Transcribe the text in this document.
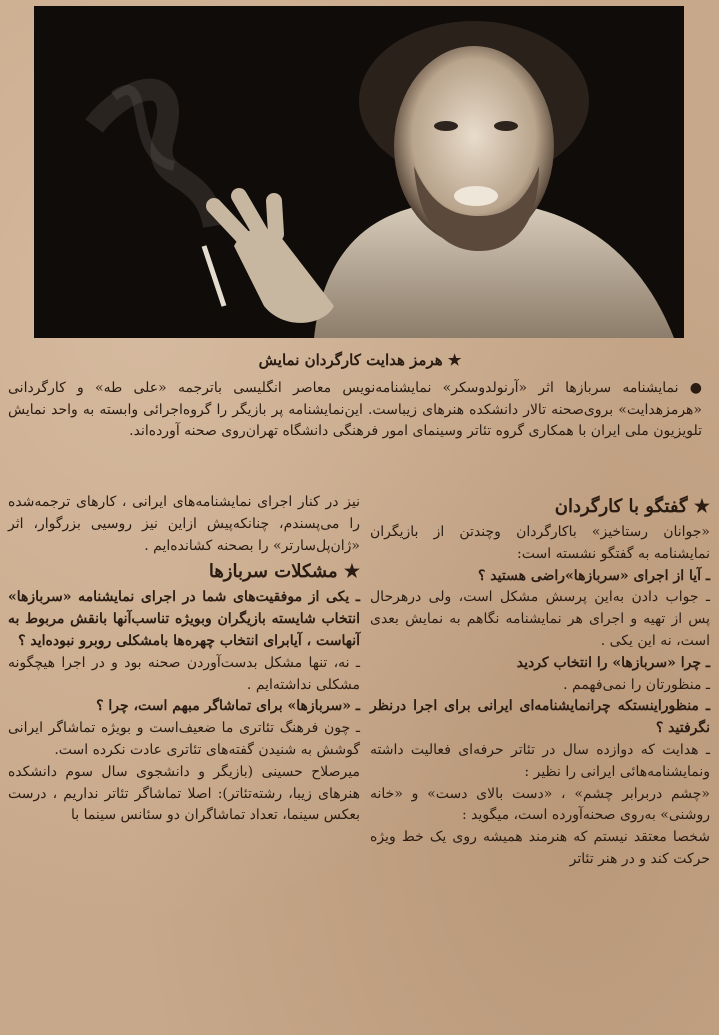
★ هرمز هدایت کارگردان نمایش

● نمایشنامه سربازها اثر «آرنولدوسکر» نمایشنامه‌نویس معاصر انگلیسی باترجمه «علی طه» و کارگردانی «هرمزهدایت» بروی‌صحنه تالار دانشکده هنرهای زیباست. این‌نمایشنامه پر بازیگر را گروه‌اجرائی وابسته به واحد نمایش تلویزیون ملی ایران با همکاری گروه تئاتر وسینمای امور فرهنگی دانشگاه تهران‌روی صحنه آورده‌اند.

★ گفتگو با کارگردان

«جوانان رستاخیز» باکارگردان وچندتن از بازیگران نمایشنامه به گفتگو نشسته است:

ـ آیا از اجرای «سربازها»راضی هستید ؟

ـ جواب دادن به‌این پرسش مشکل است، ولی درهرحال پس از تهیه و اجرای هر نمایشنامه نگاهم به نمایش بعدی است، نه این یکی .

ـ چرا «سربازها» را انتخاب کردید

ـ منظورتان را نمی‌فهمم .

ـ منظوراینستکه چرانمایشنامه‌ای ایرانی برای اجرا درنظر نگرفتید ؟

ـ هدایت که دوازده سال در تئاتر حرفه‌ای فعالیت داشته ونمایشنامه‌هائی ایرانی را نظیر :

«چشم دربرابر چشم» ، «دست بالای دست» و «خانه روشنی» به‌روی صحنه‌آورده است، میگوید :

شخصا معتقد نیستم که هنرمند همیشه روی یک خط ویژه حرکت کند و در هنر تئاتر

نیز در کنار اجرای نمایشنامه‌های ایرانی ، کارهای ترجمه‌شده را می‌پسندم، چنانکه‌پیش ازاین نیز روسیی بزرگوار، اثر «ژان‌پل‌سارتر» را بصحنه کشانده‌ایم .

★ مشکلات سربازها

ـ یکی از موفقیت‌های شما در اجرای نمایشنامه «سربازها» انتخاب شایسته بازیگران وبویژه تناسب‌آنها بانقش مربوط به آنهاست ، آیابرای انتخاب چهره‌ها بامشکلی روبرو نبوده‌اید ؟

ـ نه، تنها مشکل بدست‌آوردن صحنه بود و در اجرا هیچگونه مشکلی نداشته‌ایم .

ـ «سربازها» برای تماشاگر مبهم است، چرا ؟

ـ چون فرهنگ تئاتری ما ضعیف‌است و بویژه تماشاگر ایرانی گوشش به شنیدن گفته‌های تئاتری عادت نکرده است.

میرصلاح حسینی (بازیگر و دانشجوی سال سوم دانشکده هنرهای زیبا، رشته‌تئاتر): اصلا تماشاگر تئاتر نداریم ، درست بعکس سینما، تعداد تماشاگران دو سئانس سینما با
